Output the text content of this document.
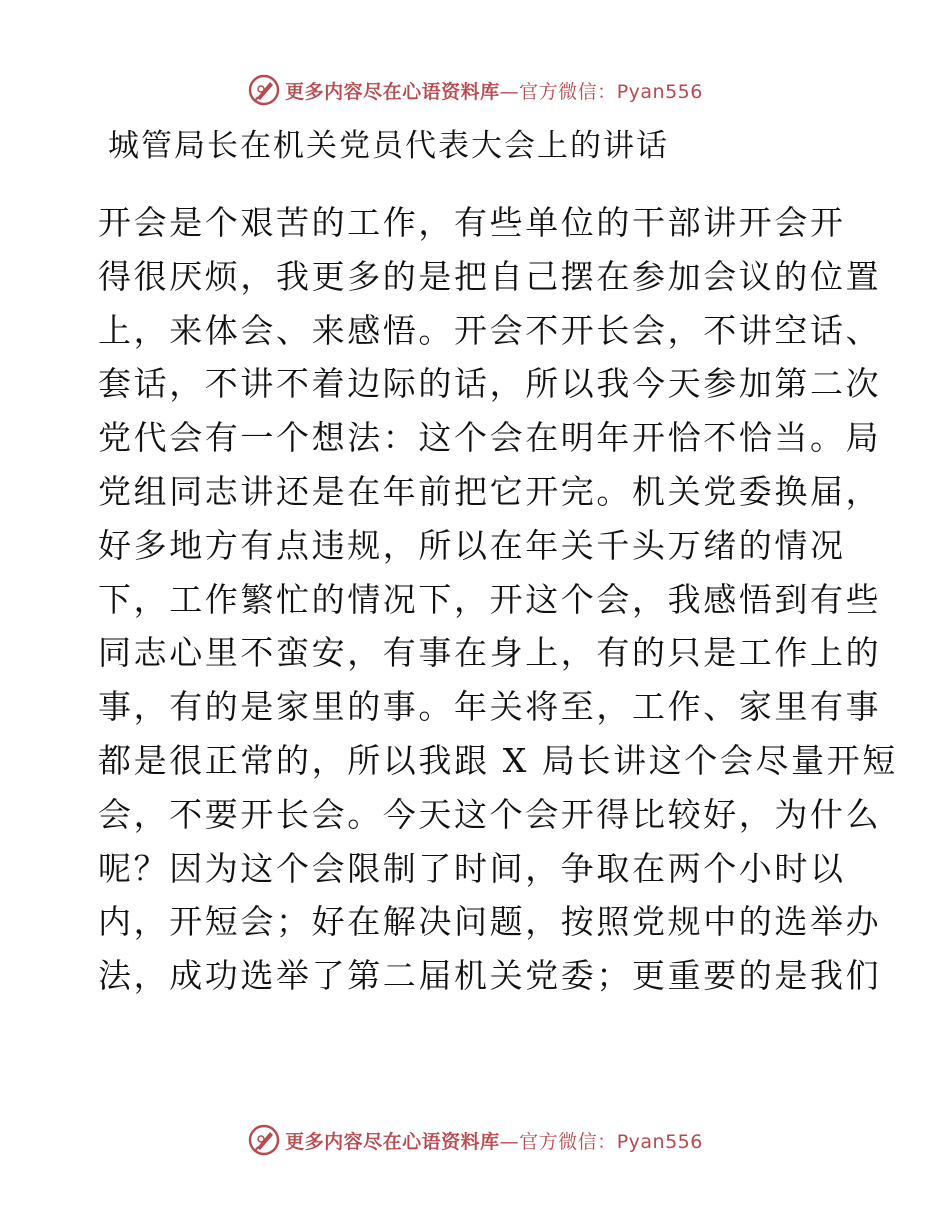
更多内容尽在心语资料库—官方微信：Pyan556
城管局长在机关党员代表大会上的讲话
开会是个艰苦的工作，有些单位的干部讲开会开
得很厌烦，我更多的是把自己摆在参加会议的位置
上，来体会、来感悟。开会不开长会，不讲空话、
套话，不讲不着边际的话，所以我今天参加第二次
党代会有一个想法：这个会在明年开恰不恰当。局
党组同志讲还是在年前把它开完。机关党委换届，
好多地方有点违规，所以在年关千头万绪的情况
下，工作繁忙的情况下，开这个会，我感悟到有些
同志心里不蛮安，有事在身上，有的只是工作上的
事，有的是家里的事。年关将至，工作、家里有事
都是很正常的，所以我跟 X 局长讲这个会尽量开短
会，不要开长会。今天这个会开得比较好，为什么
呢？因为这个会限制了时间，争取在两个小时以
内，开短会；好在解决问题，按照党规中的选举办
法，成功选举了第二届机关党委；更重要的是我们
更多内容尽在心语资料库—官方微信：Pyan556
